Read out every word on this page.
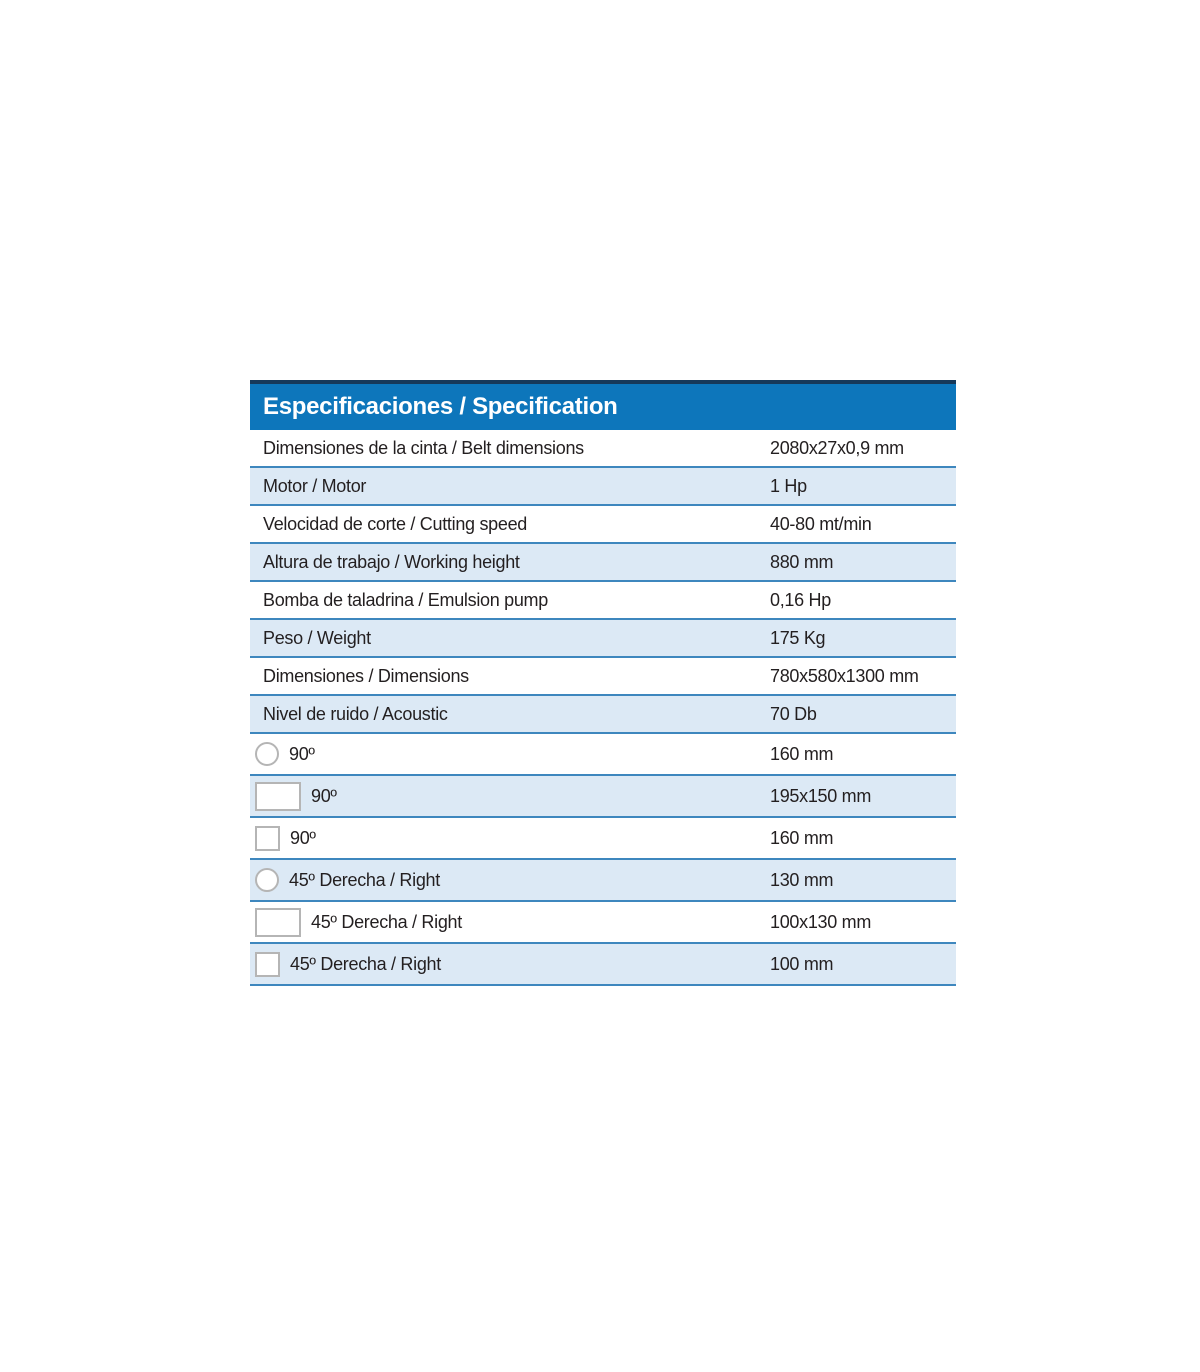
Especificaciones / Specification
Dimensiones de la cinta / Belt dimensions	2080x27x0,9 mm
Motor / Motor	1 Hp
Velocidad de corte / Cutting speed	40-80 mt/min
Altura de trabajo / Working height	880 mm
Bomba de taladrina / Emulsion pump	0,16 Hp
Peso / Weight	175 Kg
Dimensiones / Dimensions	780x580x1300 mm
Nivel de ruido / Acoustic	70 Db
90º	160 mm
90º	195x150 mm
90º	160 mm
45º Derecha / Right	130 mm
45º Derecha / Right	100x130 mm
45º Derecha / Right	100 mm
